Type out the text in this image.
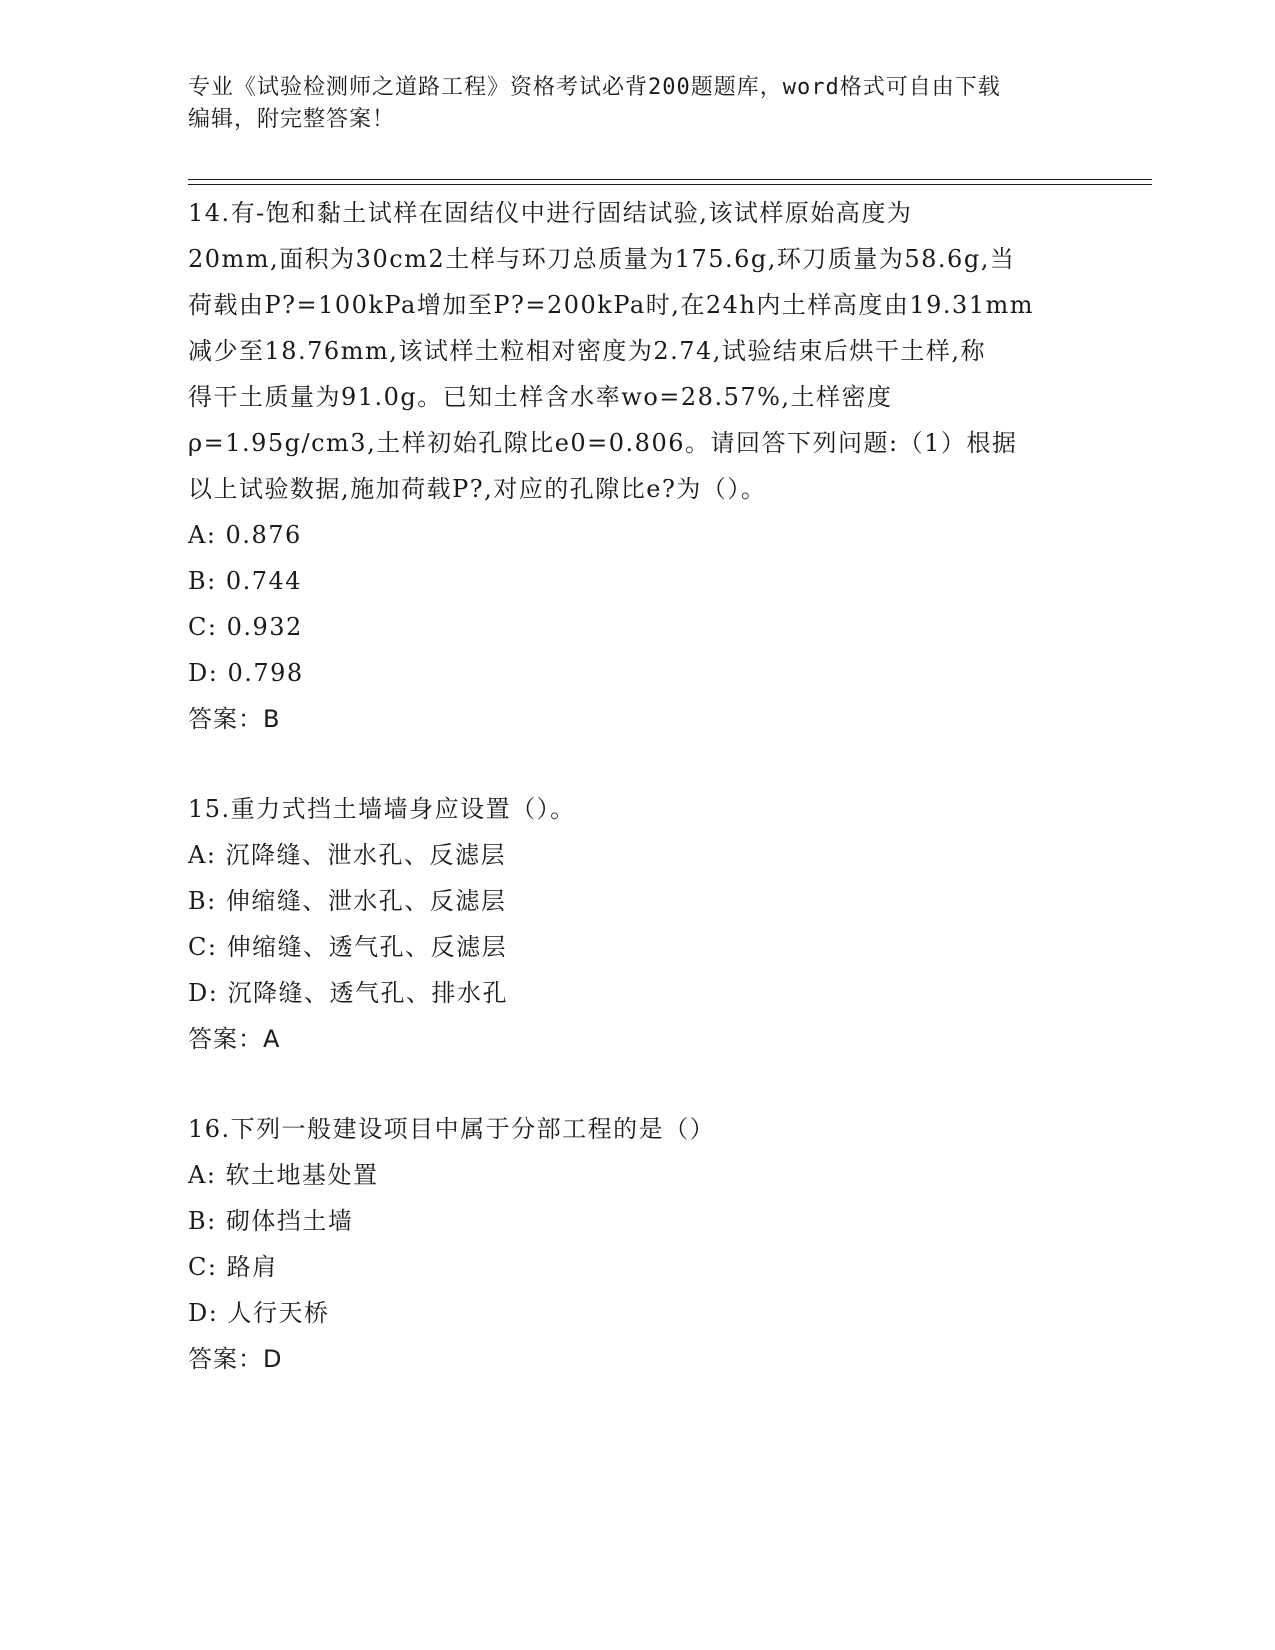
专业《试验检测师之道路工程》资格考试必背200题题库，word格式可自由下载
编辑，附完整答案！

14.有-饱和黏土试样在固结仪中进行固结试验,该试样原始高度为

20mm,面积为30cm2土样与环刀总质量为175.6g,环刀质量为58.6g,当

荷载由P?=100kPa增加至P?=200kPa时,在24h内土样高度由19.31mm

减少至18.76mm,该试样土粒相对密度为2.74,试验结束后烘干土样,称

得干土质量为91.0g。已知土样含水率wo=28.57%,土样密度

ρ=1.95g/cm3,土样初始孔隙比e0=0.806。请回答下列问题:（1）根据

以上试验数据,施加荷载P?,对应的孔隙比e?为（）。

A: 0.876

B: 0.744

C: 0.932

D: 0.798

答案：B

15.重力式挡土墙墙身应设置（）。

A: 沉降缝、泄水孔、反滤层

B: 伸缩缝、泄水孔、反滤层

C: 伸缩缝、透气孔、反滤层

D: 沉降缝、透气孔、排水孔

答案：A

16.下列一般建设项目中属于分部工程的是（）

A: 软土地基处置

B: 砌体挡土墙

C: 路肩

D: 人行天桥

答案：D
